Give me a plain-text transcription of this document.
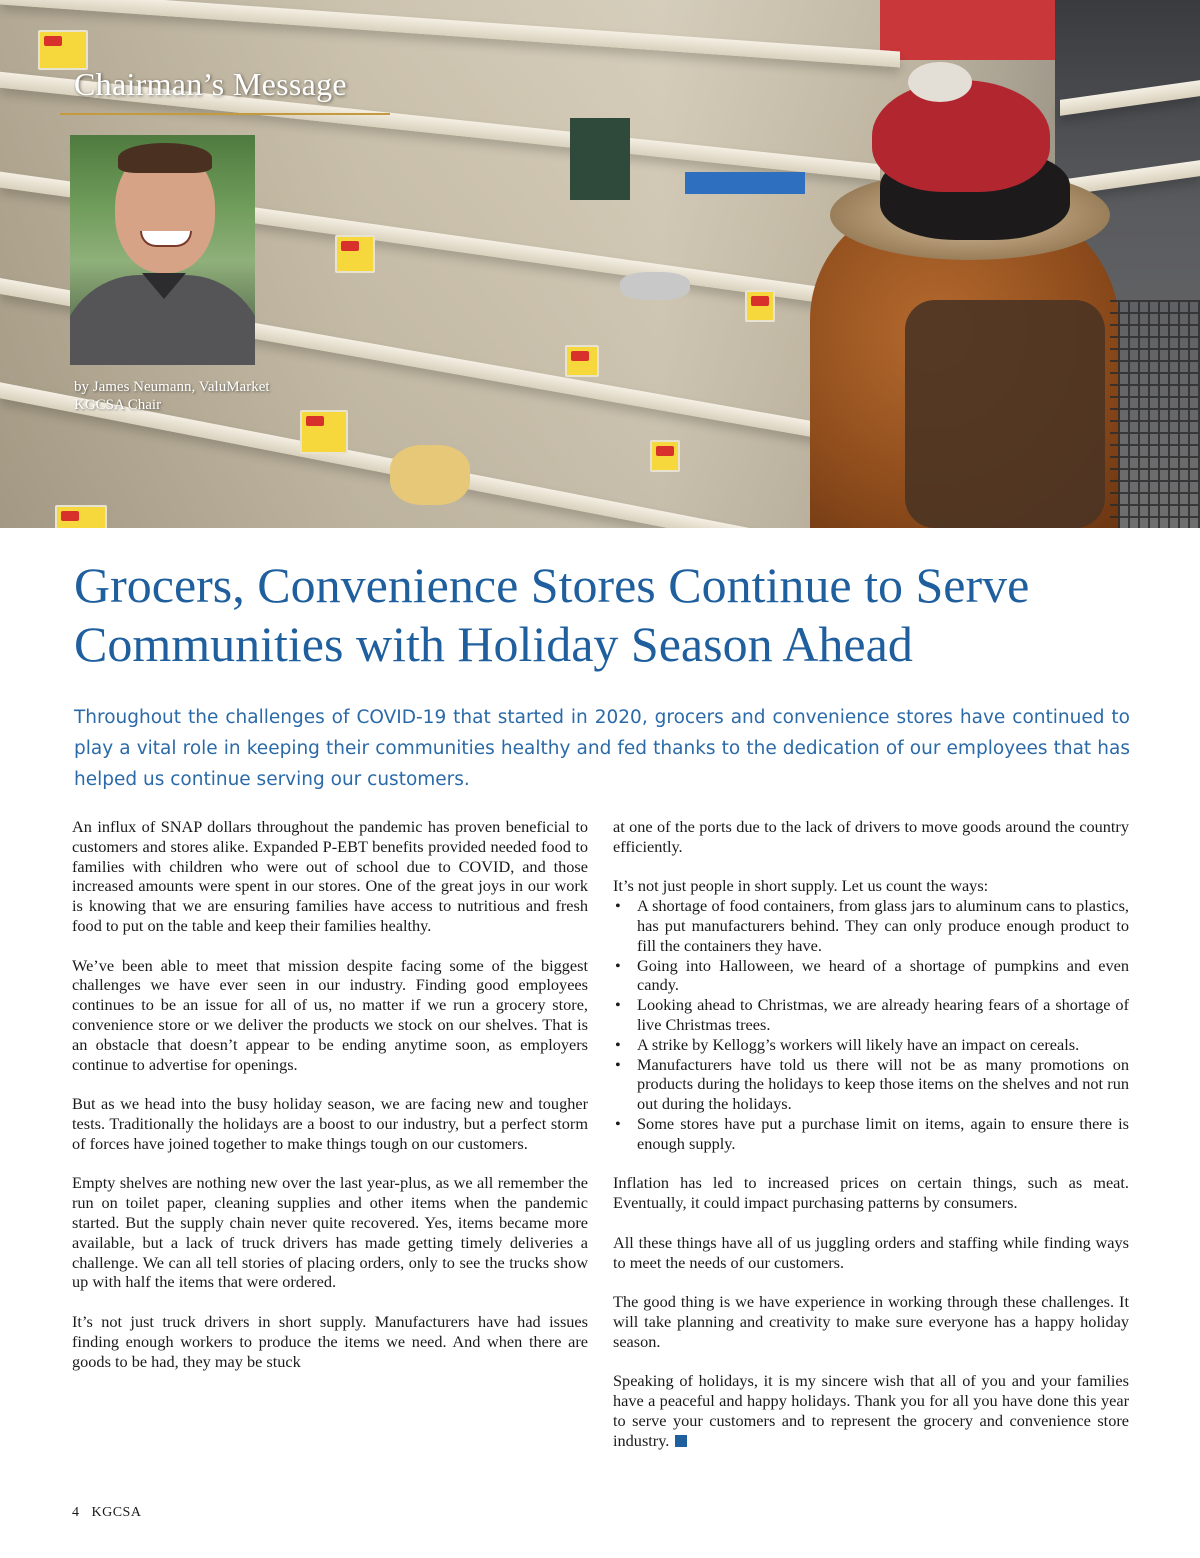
Chairman’s Message

by James Neumann, ValuMarket
KGCSA Chair

Grocers, Convenience Stores Continue to Serve
Communities with Holiday Season Ahead

Throughout the challenges of COVID-19 that started in 2020, grocers and convenience stores have continued to play a vital role in keeping their communities healthy and fed thanks to the dedication of our employees that has helped us continue serving our customers.

An influx of SNAP dollars throughout the pandemic has proven beneficial to customers and stores alike. Expanded P-EBT benefits provided needed food to families with children who were out of school due to COVID, and those increased amounts were spent in our stores. One of the great joys in our work is knowing that we are ensuring families have access to nutritious and fresh food to put on the table and keep their families healthy.

We’ve been able to meet that mission despite facing some of the biggest challenges we have ever seen in our industry. Finding good employees continues to be an issue for all of us, no matter if we run a grocery store, convenience store or we deliver the products we stock on our shelves. That is an obstacle that doesn’t appear to be ending anytime soon, as employers continue to advertise for openings.

But as we head into the busy holiday season, we are facing new and tougher tests. Traditionally the holidays are a boost to our industry, but a perfect storm of forces have joined together to make things tough on our customers.

Empty shelves are nothing new over the last year-plus, as we all remember the run on toilet paper, cleaning supplies and other items when the pandemic started. But the supply chain never quite recovered. Yes, items became more available, but a lack of truck drivers has made getting timely deliveries a challenge. We can all tell stories of placing orders, only to see the trucks show up with half the items that were ordered.

It’s not just truck drivers in short supply. Manufacturers have had issues finding enough workers to produce the items we need. And when there are goods to be had, they may be stuck

at one of the ports due to the lack of drivers to move goods around the country efficiently.

It’s not just people in short supply. Let us count the ways:

• A shortage of food containers, from glass jars to aluminum cans to plastics, has put manufacturers behind. They can only produce enough product to fill the containers they have.
• Going into Halloween, we heard of a shortage of pumpkins and even candy.
• Looking ahead to Christmas, we are already hearing fears of a shortage of live Christmas trees.
• A strike by Kellogg’s workers will likely have an impact on cereals.
• Manufacturers have told us there will not be as many promotions on products during the holidays to keep those items on the shelves and not run out during the holidays.
• Some stores have put a purchase limit on items, again to ensure there is enough supply.

Inflation has led to increased prices on certain things, such as meat. Eventually, it could impact purchasing patterns by consumers.

All these things have all of us juggling orders and staffing while finding ways to meet the needs of our customers.

The good thing is we have experience in working through these challenges. It will take planning and creativity to make sure everyone has a happy holiday season.

Speaking of holidays, it is my sincere wish that all of you and your families have a peaceful and happy holidays. Thank you for all you have done this year to serve your customers and to represent the grocery and convenience store industry.

4 KGCSA
